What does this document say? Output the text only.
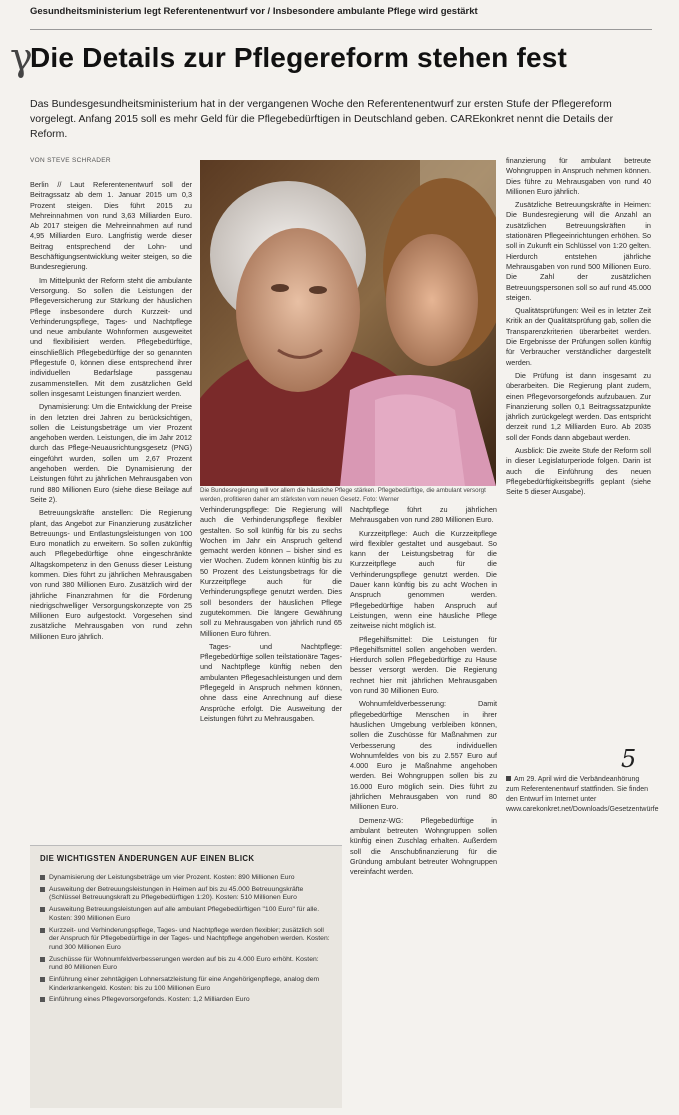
Gesundheitsministerium legt Referentenentwurf vor / Insbesondere ambulante Pflege wird gestärkt
γ
Die Details zur Pflegereform stehen fest
Das Bundesgesundheitsministerium hat in der vergangenen Woche den Referentenentwurf zur ersten Stufe der Pflegereform vorgelegt. Anfang 2015 soll es mehr Geld für die Pflegebedürftigen in Deutschland geben. CAREkonkret nennt die Details der Reform.
VON STEVE SCHRADER

Berlin // Laut Referentenentwurf soll der Beitragssatz ab dem 1. Januar 2015 um 0,3 Prozent steigen. Dies führt 2015 zu Mehreinnahmen von rund 3,63 Milliarden Euro. Ab 2017 steigen die Mehreinnahmen auf rund 4,95 Milliarden Euro. Langfristig werde dieser Beitrag entsprechend der Lohn- und Beschäftigungsentwicklung weiter steigen, so die Bundesregierung.

Im Mittelpunkt der Reform steht die ambulante Versorgung. So sollen die Leistungen der Pflegeversicherung zur Stärkung der häuslichen Pflege insbesondere durch Kurzzeit- und Verhinderungspflege, Tages- und Nachtpflege und neue ambulante Wohnformen ausgeweitet und flexibilisiert werden. Pflegebedürftige, einschließlich Pflegebedürftige der so genannten Pflegestufe 0, können diese entsprechend ihrer individuellen Bedarfslage passgenau zusammenstellen. Mit dem zusätzlichen Geld sollen insgesamt Leistungen finanziert werden.

Dynamisierung: Um die Entwicklung der Preise in den letzten drei Jahren zu berücksichtigen, sollen die Leistungsbeträge um vier Prozent angehoben werden. Leistungen, die im Jahr 2012 durch das Pflege-Neuausrichtungsgesetz (PNG) eingeführt wurden, sollen um 2,67 Prozent angehoben werden. Die Dynamisierung der Leistungen führt zu jährlichen Mehrausgaben von rund 880 Millionen Euro (siehe diese Beilage auf Seite 2).

Betreuungskräfte anstellen: Die Regierung plant, das Angebot zur Finanzierung zusätzlicher Betreuungs- und Entlastungsleistungen von 100 Euro monatlich zu erweitern. So sollen zukünftig auch Pflegebedürftige ohne eingeschränkte Alltagskompetenz in den Genuss dieser Leistung kommen. Dies führt zu jährlichen Mehrausgaben von rund 380 Millionen Euro. Zusätzlich wird der jährliche Finanzrahmen für die Förderung niedrigschwelliger Versorgungskonzepte von 25 Millionen Euro aufgestockt. Vorgesehen sind zusätzliche Mehrausgaben von rund zehn Millionen Euro jährlich.

Die Bundesregierung will vor allem die häusliche Pflege stärken. Pflegebedürftige, die ambulant versorgt werden, profitieren daher am stärksten vom neuen Gesetz. Foto: Werner

Verhinderungspflege: Die Regierung will auch die Verhinderungspflege flexibler gestalten. So soll künftig für bis zu sechs Wochen im Jahr ein Anspruch geltend gemacht werden können – bisher sind es vier Wochen. Zudem können künftig bis zu 50 Prozent des Leistungsbetrags für die Kurzzeitpflege auch für die Verhinderungspflege genutzt werden. Dies soll besonders der häuslichen Pflege zugutekommen. Die längere Gewährung soll zu Mehrausgaben von jährlich rund 65 Millionen Euro führen.

Tages- und Nachtpflege: Pflegebedürftige sollen teilstationäre Tages- und Nachtpflege künftig neben den ambulanten Pflegesachleistungen und dem Pflegegeld in Anspruch nehmen können, ohne dass eine Anrechnung auf diese Ansprüche erfolgt. Die Ausweitung der Leistungen führt zu Mehrausgaben.

Nachtpflege führt zu jährlichen Mehrausgaben von rund 280 Millionen Euro.

Kurzzeitpflege: Auch die Kurzzeitpflege wird flexibler gestaltet und ausgebaut. So kann der Leistungsbetrag für die Kurzzeitpflege auch für die Verhinderungspflege genutzt werden. Die Dauer kann künftig bis zu acht Wochen in Anspruch genommen werden. Pflegebedürftige haben Anspruch auf Leistungen, wenn eine häusliche Pflege zeitweise nicht möglich ist.

Pflegehilfsmittel: Die Leistungen für Pflegehilfsmittel sollen angehoben werden. Hierdurch sollen Pflegebedürftige zu Hause besser versorgt werden. Die Regierung rechnet hier mit jährlichen Mehrausgaben von rund 30 Millionen Euro.

Wohnumfeldverbesserung: Damit pflegebedürftige Menschen in ihrer häuslichen Umgebung verbleiben können, sollen die Zuschüsse für Maßnahmen zur Verbesserung des individuellen Wohnumfeldes von bis zu 2.557 Euro auf 4.000 Euro je Maßnahme angehoben werden. Bei Wohngruppen sollen bis zu 16.000 Euro möglich sein. Dies führt zu jährlichen Mehrausgaben von rund 80 Millionen Euro.

Demenz-WG: Pflegebedürftige in ambulant betreuten Wohngruppen sollen künftig einen Zuschlag erhalten. Außerdem soll die Anschubfinanzierung für die Gründung ambulant betreuter Wohngruppen vereinfacht werden.

finanzierung für ambulant betreute Wohngruppen in Anspruch nehmen können. Dies führe zu Mehrausgaben von rund 40 Millionen Euro jährlich.

Zusätzliche Betreuungskräfte in Heimen: Die Bundesregierung will die Anzahl an zusätzlichen Betreuungskräften in stationären Pflegeeinrichtungen erhöhen. So soll in Zukunft ein Schlüssel von 1:20 gelten. Hierdurch entstehen jährliche Mehrausgaben von rund 500 Millionen Euro. Die Zahl der zusätzlichen Betreuungspersonen soll so auf rund 45.000 steigen.

Qualitätsprüfungen: Weil es in letzter Zeit Kritik an der Qualitätsprüfung gab, sollen die Transparenzkriterien überarbeitet werden. Die Ergebnisse der Prüfungen sollen künftig für Verbraucher verständlicher dargestellt werden.

Die Prüfung ist dann insgesamt zu überarbeiten. Die Regierung plant zudem, einen Pflegevorsorgefonds aufzubauen. Zur Finanzierung sollen 0,1 Beitragssatzpunkte jährlich zurückgelegt werden. Das entspricht derzeit rund 1,2 Milliarden Euro. Ab 2035 soll der Fonds dann abgebaut werden.

Ausblick: Die zweite Stufe der Reform soll in dieser Legislaturperiode folgen. Darin ist auch die Einführung des neuen Pflegebedürftigkeitsbegriffs geplant (siehe Seite 5 dieser Ausgabe).

5
Am 29. April wird die Verbändeanhörung zum Referentenentwurf stattfinden. Sie finden den Entwurf im Internet unter www.carekonkret.net/Downloads/Gesetzentwürfe
DIE WICHTIGSTEN ÄNDERUNGEN AUF EINEN BLICK
Dynamisierung der Leistungsbeträge um vier Prozent. Kosten: 890 Millionen Euro
Ausweitung der Betreuungsleistungen in Heimen auf bis zu 45.000 Betreuungskräfte (Schlüssel Betreuungskraft zu Pflegebedürftigen 1:20). Kosten: 510 Millionen Euro
Ausweitung Betreuungsleistungen auf alle ambulant Pflegebedürftigen "100 Euro" für alle. Kosten: 390 Millionen Euro
Kurzzeit- und Verhinderungspflege, Tages- und Nachtpflege werden flexibler; zusätzlich soll der Anspruch für Pflegebedürftige in der Tages- und Nachtpflege angehoben werden. Kosten: rund 300 Millionen Euro
Zuschüsse für Wohnumfeldverbesserungen werden auf bis zu 4.000 Euro erhöht. Kosten: rund 80 Millionen Euro
Einführung einer zehntägigen Lohnersatzleistung für eine Angehörigenpflege, analog dem Kinderkrankengeld. Kosten: bis zu 100 Millionen Euro
Einführung eines Pflegevorsorgefonds. Kosten: 1,2 Milliarden Euro
